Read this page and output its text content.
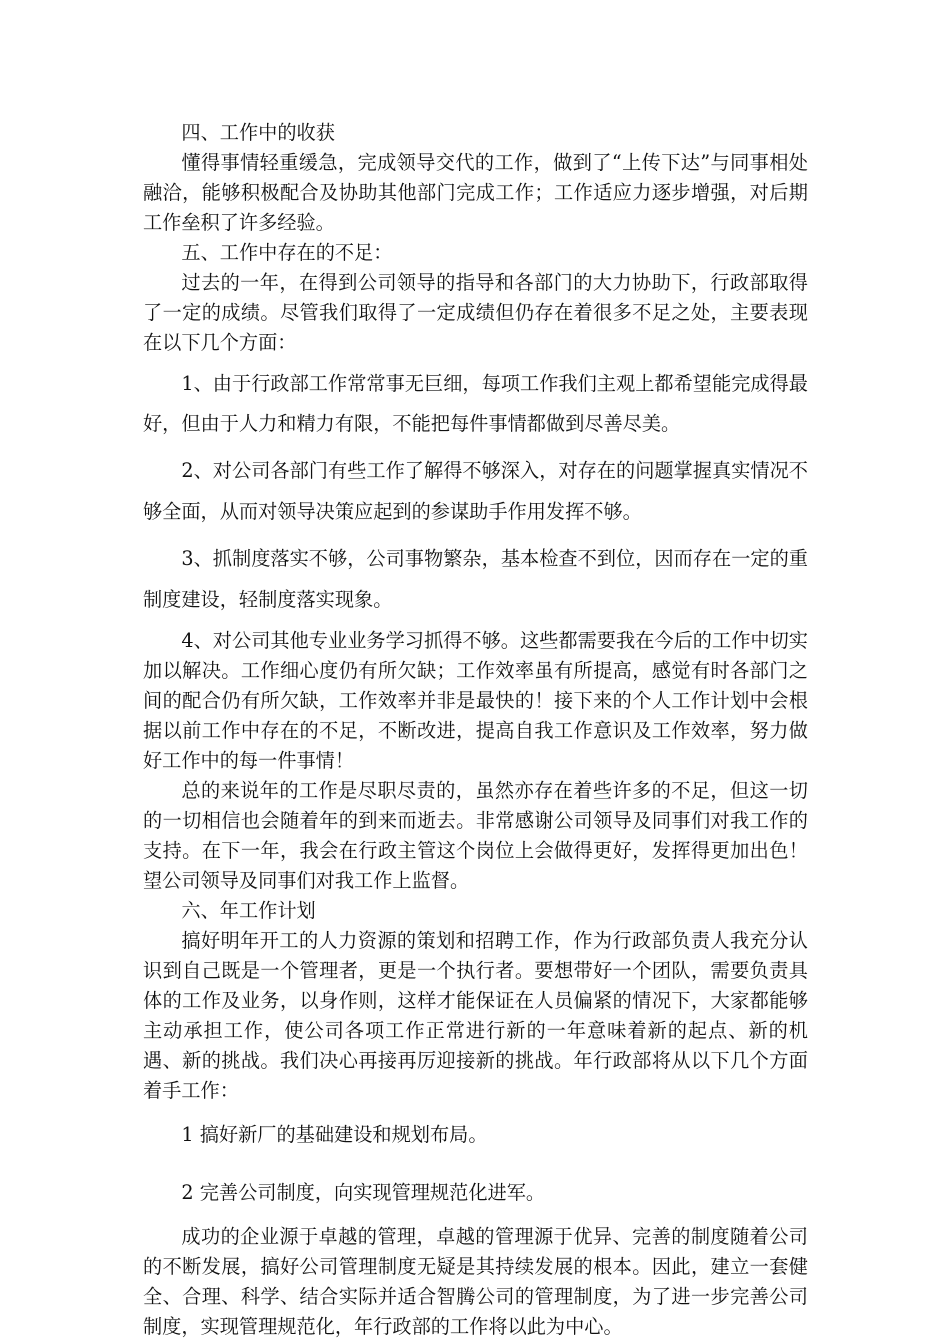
四、工作中的收获

懂得事情轻重缓急，完成领导交代的工作，做到了“上传下达”与同事相处融洽，能够积极配合及协助其他部门完成工作；工作适应力逐步增强，对后期工作垒积了许多经验。

五、工作中存在的不足：

过去的一年，在得到公司领导的指导和各部门的大力协助下，行政部取得了一定的成绩。尽管我们取得了一定成绩但仍存在着很多不足之处，主要表现在以下几个方面：

1、由于行政部工作常常事无巨细，每项工作我们主观上都希望能完成得最好，但由于人力和精力有限，不能把每件事情都做到尽善尽美。

2、对公司各部门有些工作了解得不够深入，对存在的问题掌握真实情况不够全面，从而对领导决策应起到的参谋助手作用发挥不够。

3、抓制度落实不够，公司事物繁杂，基本检查不到位，因而存在一定的重制度建设，轻制度落实现象。

4、对公司其他专业业务学习抓得不够。这些都需要我在今后的工作中切实加以解决。工作细心度仍有所欠缺；工作效率虽有所提高，感觉有时各部门之间的配合仍有所欠缺，工作效率并非是最快的！接下来的个人工作计划中会根据以前工作中存在的不足，不断改进，提高自我工作意识及工作效率，努力做好工作中的每一件事情！

总的来说年的工作是尽职尽责的，虽然亦存在着些许多的不足，但这一切的一切相信也会随着年的到来而逝去。非常感谢公司领导及同事们对我工作的支持。在下一年，我会在行政主管这个岗位上会做得更好，发挥得更加出色！望公司领导及同事们对我工作上监督。

六、年工作计划

搞好明年开工的人力资源的策划和招聘工作，作为行政部负责人我充分认识到自己既是一个管理者，更是一个执行者。要想带好一个团队，需要负责具体的工作及业务，以身作则，这样才能保证在人员偏紧的情况下，大家都能够主动承担工作，使公司各项工作正常进行新的一年意味着新的起点、新的机遇、新的挑战。我们决心再接再厉迎接新的挑战。年行政部将从以下几个方面着手工作：

1 搞好新厂的基础建设和规划布局。

2 完善公司制度，向实现管理规范化进军。

成功的企业源于卓越的管理，卓越的管理源于优异、完善的制度随着公司的不断发展，搞好公司管理制度无疑是其持续发展的根本。因此，建立一套健全、合理、科学、结合实际并适合智腾公司的管理制度，为了进一步完善公司制度，实现管理规范化，年行政部的工作将以此为中心。
